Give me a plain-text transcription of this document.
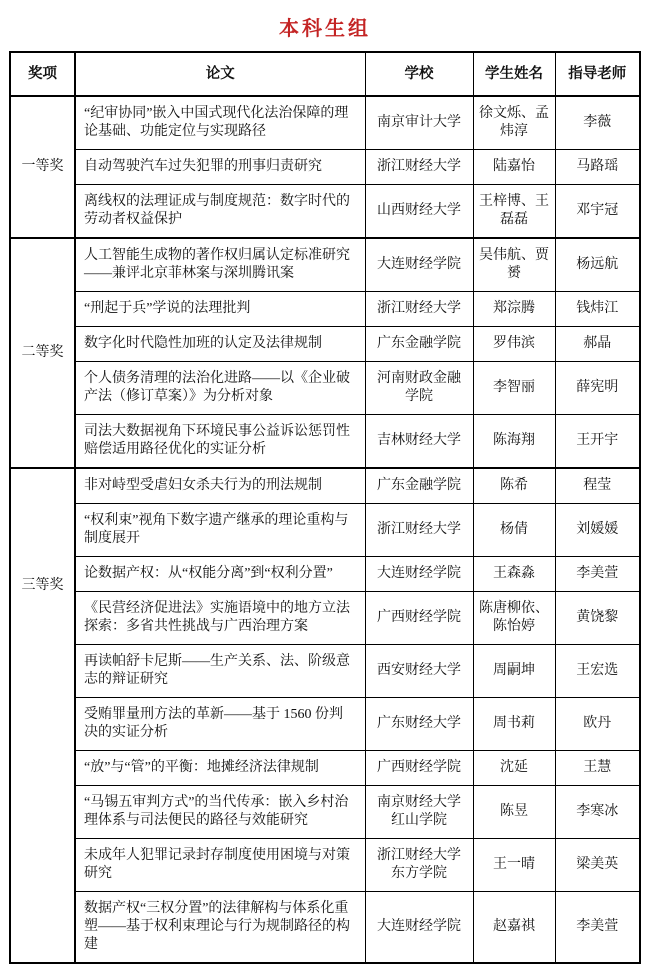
本科生组
奖项	论文	学校	学生姓名	指导老师
一等奖	“纪审协同”嵌入中国式现代化法治保障的理论基础、功能定位与实现路径	南京审计大学	徐文烁、孟炜淳	李薇
	自动驾驶汽车过失犯罪的刑事归责研究	浙江财经大学	陆嘉怡	马路瑶
	离线权的法理证成与制度规范：数字时代的劳动者权益保护	山西财经大学	王梓博、王磊磊	邓宇冠
二等奖	人工智能生成物的著作权归属认定标准研究——兼评北京菲林案与深圳腾讯案	大连财经学院	吴伟航、贾赟	杨远航
	“刑起于兵”学说的法理批判	浙江财经大学	郑淙腾	钱炜江
	数字化时代隐性加班的认定及法律规制	广东金融学院	罗伟滨	郝晶
	个人债务清理的法治化进路——以《企业破产法（修订草案）》为分析对象	河南财政金融学院	李智丽	薛宪明
	司法大数据视角下环境民事公益诉讼惩罚性赔偿适用路径优化的实证分析	吉林财经大学	陈海翔	王开宇

三等奖	非对峙型受虐妇女杀夫行为的刑法规制	广东金融学院	陈希	程莹
	“权利束”视角下数字遗产继承的理论重构与制度展开	浙江财经大学	杨倩	刘媛媛
	论数据产权：从“权能分离”到“权利分置”	大连财经学院	王森淼	李美萱
	《民营经济促进法》实施语境中的地方立法探索：多省共性挑战与广西治理方案	广西财经学院	陈唐柳依、陈怡婷	黄饶黎
	再读帕舒卡尼斯——生产关系、法、阶级意志的辩证研究	西安财经大学	周嗣坤	王宏选
	受贿罪量刑方法的革新——基于 1560 份判决的实证分析	广东财经大学	周书莉	欧丹
	“放”与“管”的平衡：地摊经济法律规制	广西财经学院	沈延	王慧
	“马锡五审判方式”的当代传承：嵌入乡村治理体系与司法便民的路径与效能研究	南京财经大学红山学院	陈昱	李寒冰
	未成年人犯罪记录封存制度使用困境与对策研究	浙江财经大学东方学院	王一晴	梁美英
	数据产权“三权分置”的法律解构与体系化重塑——基于权利束理论与行为规制路径的构建	大连财经学院	赵嘉祺	李美萱
